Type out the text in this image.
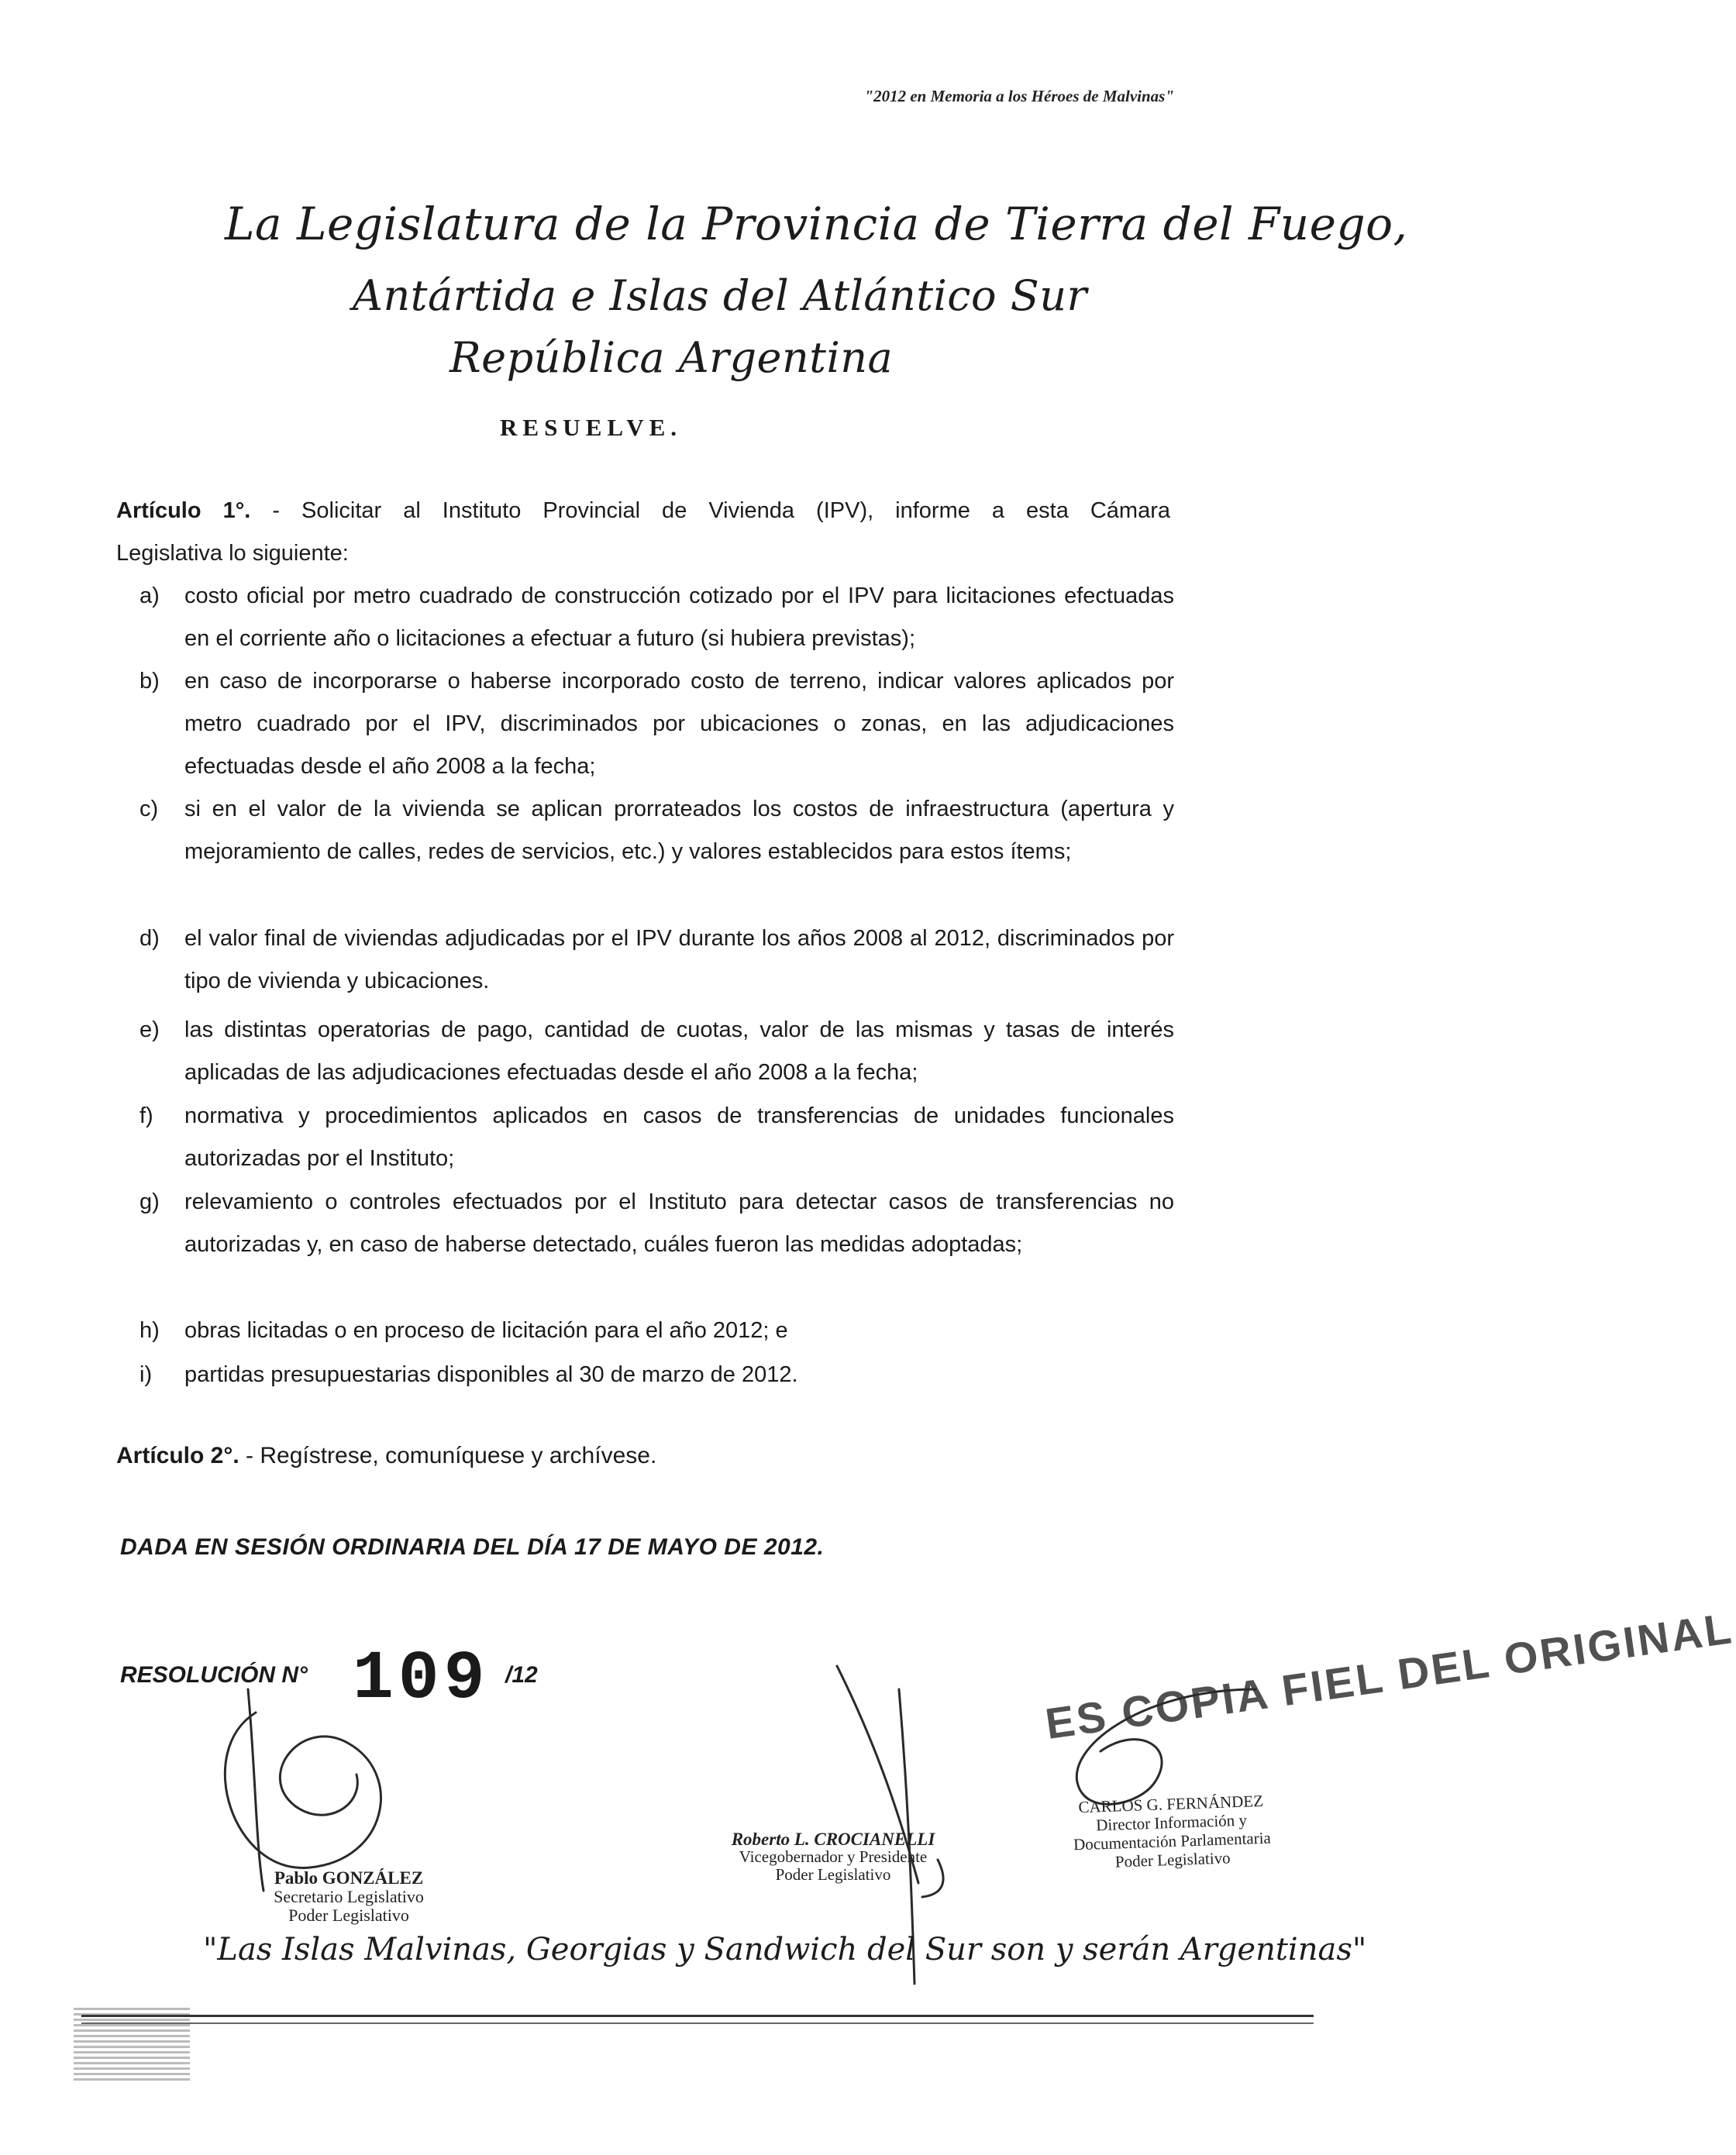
"2012 en Memoria a los Héroes de Malvinas"
La Legislatura de la Provincia de Tierra del Fuego,
Antártida e Islas del Atlántico Sur
República Argentina
RESUELVE.
Artículo 1°. - Solicitar al Instituto Provincial de Vivienda (IPV), informe a esta Cámara
Legislativa lo siguiente:
a) costo oficial por metro cuadrado de construcción cotizado por el IPV para licitaciones efectuadas en el corriente año o licitaciones a efectuar a futuro (si hubiera previstas);
b) en caso de incorporarse o haberse incorporado costo de terreno, indicar valores aplicados por metro cuadrado por el IPV, discriminados por ubicaciones o zonas, en las adjudicaciones efectuadas desde el año 2008 a la fecha;
c) si en el valor de la vivienda se aplican prorrateados los costos de infraestructura (apertura y mejoramiento de calles, redes de servicios, etc.) y valores establecidos para estos ítems;
d) el valor final de viviendas adjudicadas por el IPV durante los años 2008 al 2012, discriminados por tipo de vivienda y ubicaciones.
e) las distintas operatorias de pago, cantidad de cuotas, valor de las mismas y tasas de interés aplicadas de las adjudicaciones efectuadas desde el año 2008 a la fecha;
f) normativa y procedimientos aplicados en casos de transferencias de unidades funcionales autorizadas por el Instituto;
g) relevamiento o controles efectuados por el Instituto para detectar casos de transferencias no autorizadas y, en caso de haberse detectado, cuáles fueron las medidas adoptadas;
h) obras licitadas o en proceso de licitación para el año 2012; e
i) partidas presupuestarias disponibles al 30 de marzo de 2012.
Artículo 2°. - Regístrese, comuníquese y archívese.
DADA EN SESIÓN ORDINARIA DEL DÍA 17 DE MAYO DE 2012.
RESOLUCIÓN N° 109 /12	ES COPIA FIEL DEL ORIGINAL
Pablo GONZÁLEZ
Secretario Legislativo
Poder Legislativo
Roberto L. CROCIANELLI
Vicegobernador y Presidente
Poder Legislativo
CARLOS G. FERNÁNDEZ
Director Información y
Documentación Parlamentaria
Poder Legislativo
"Las Islas Malvinas, Georgias y Sandwich del Sur son y serán Argentinas"
